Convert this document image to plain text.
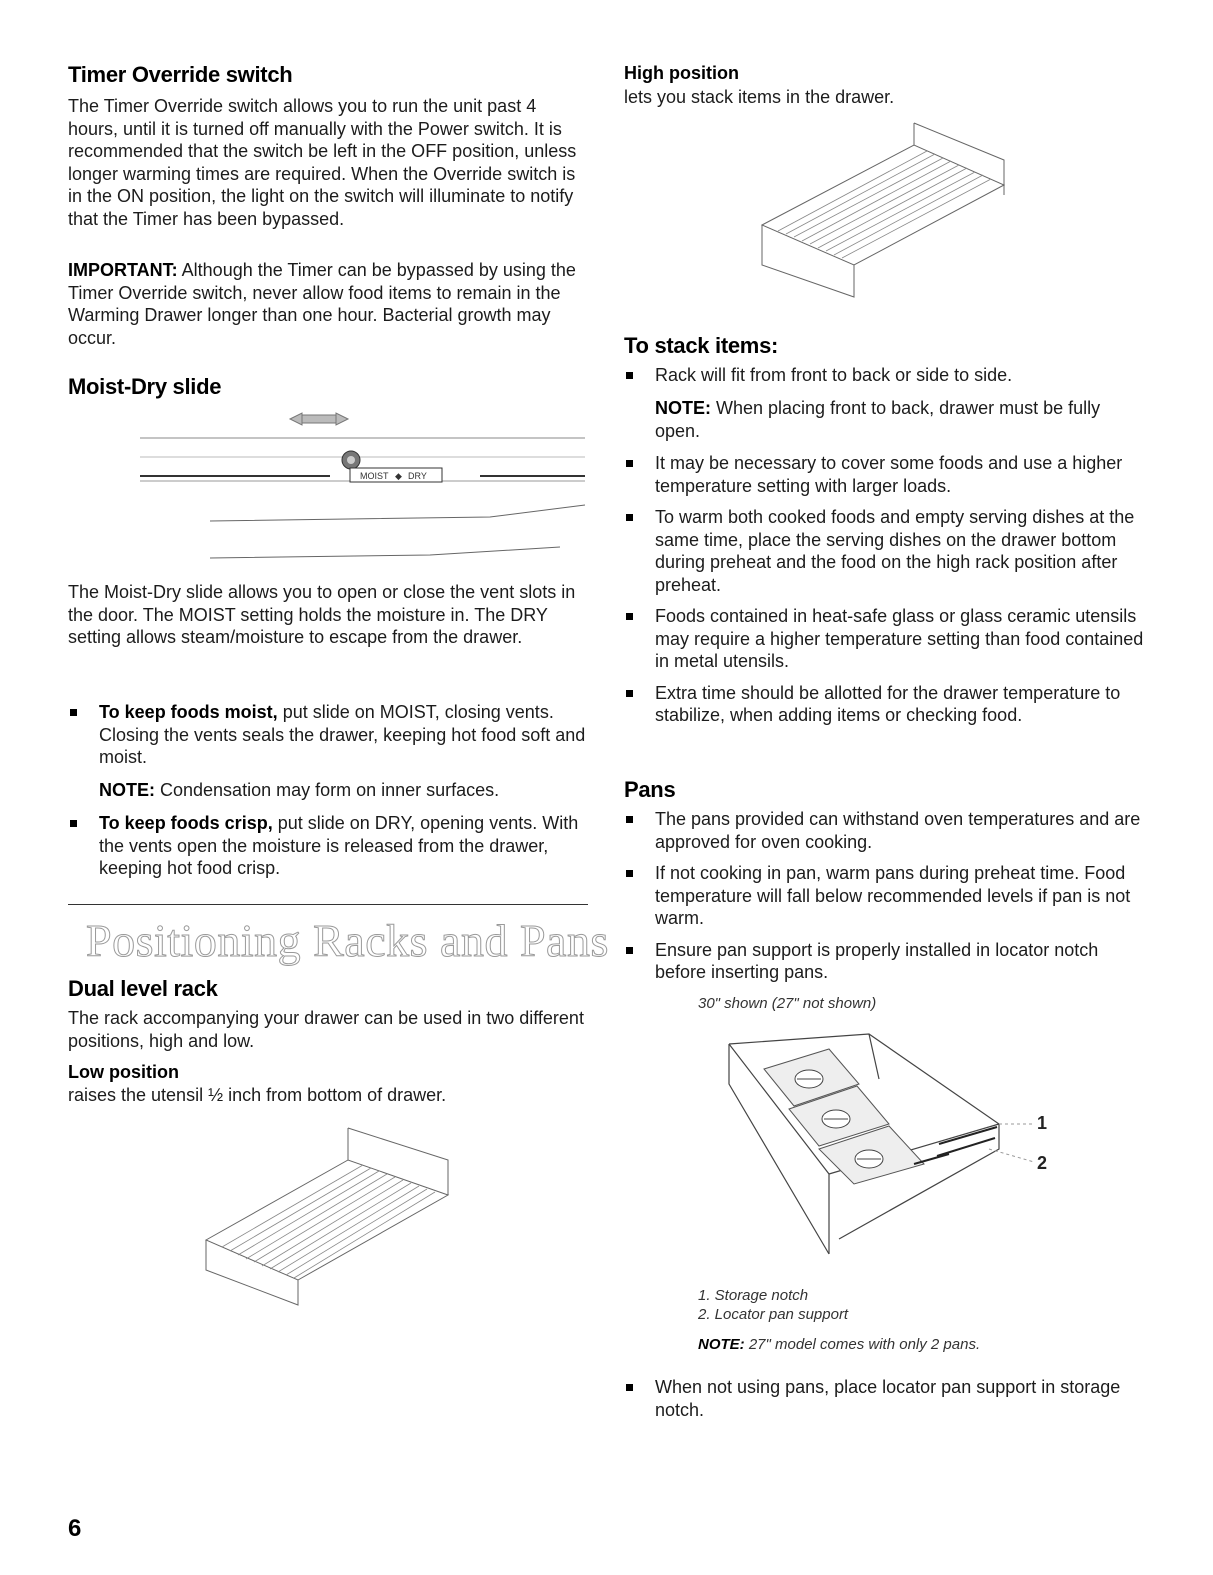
Timer Override switch

The Timer Override switch allows you to run the unit past 4 hours, until it is turned off manually with the Power switch. It is recommended that the switch be left in the OFF position, unless longer warming times are required. When the Override switch is in the ON position, the light on the switch will illuminate to notify that the Timer has been bypassed.

IMPORTANT: Although the Timer can be bypassed by using the Timer Override switch, never allow food items to remain in the Warming Drawer longer than one hour. Bacterial growth may occur.

Moist-Dry slide
MOIST ◆ DRY

The Moist-Dry slide allows you to open or close the vent slots in the door. The MOIST setting holds the moisture in. The DRY setting allows steam/moisture to escape from the drawer.

To keep foods moist, put slide on MOIST, closing vents. Closing the vents seals the drawer, keeping hot food soft and moist.

NOTE: Condensation may form on inner surfaces.

To keep foods crisp, put slide on DRY, opening vents. With the vents open the moisture is released from the drawer, keeping hot food crisp.
Positioning Racks and Pans
Dual level rack

The rack accompanying your drawer can be used in two different positions, high and low.

Low position

raises the utensil ½ inch from bottom of drawer.

High position

lets you stack items in the drawer.

To stack items:
Rack will fit from front to back or side to side.

NOTE: When placing front to back, drawer must be fully open.

It may be necessary to cover some foods and use a higher temperature setting with larger loads.
To warm both cooked foods and empty serving dishes at the same time, place the serving dishes on the drawer bottom during preheat and the food on the high rack position after preheat.
Foods contained in heat-safe glass or glass ceramic utensils may require a higher temperature setting than food contained in metal utensils.
Extra time should be allotted for the drawer temperature to stabilize, when adding items or checking food.
Pans
The pans provided can withstand oven temperatures and are approved for oven cooking.
If not cooking in pan, warm pans during preheat time. Food temperature will fall below recommended levels if pan is not warm.
Ensure pan support is properly installed in locator notch before inserting pans.
30" shown (27" not shown)
1
2
1. Storage notch
2. Locator pan support
NOTE: 27" model comes with only 2 pans.
When not using pans, place locator pan support in storage notch.
6
